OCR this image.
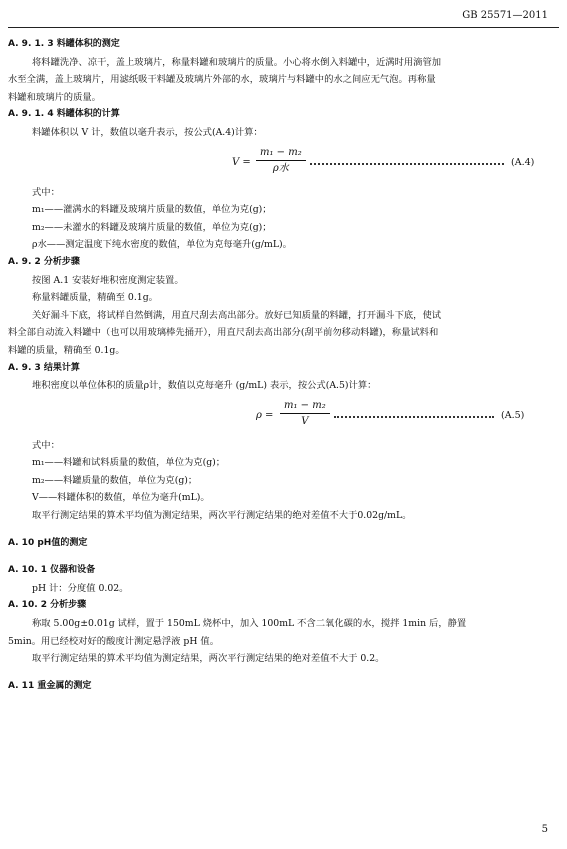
GB 25571—2011
A. 9. 1. 3 料罐体积的测定
将料罐洗净、凉干，盖上玻璃片，称量料罐和玻璃片的质量。小心将水倒入料罐中，近满时用滴管加
水至全满，盖上玻璃片，用滤纸吸干料罐及玻璃片外部的水，玻璃片与料罐中的水之间应无气泡。再称量
料罐和玻璃片的质量。
A. 9. 1. 4 料罐体积的计算
料罐体积以 V 计，数值以毫升表示，按公式(A.4)计算：
V =
m₁ − m₂
ρ水
(A.4)
式中：
m₁——灌满水的料罐及玻璃片质量的数值，单位为克(g)；
m₂——未灌水的料罐及玻璃片质量的数值，单位为克(g)；
ρ水——测定温度下纯水密度的数值，单位为克每毫升(g/mL)。
A. 9. 2 分析步骤
按图 A.1 安装好堆积密度测定装置。
称量料罐质量，精确至 0.1g。
关好漏斗下底，将试样自然倒满，用直尺刮去高出部分。放好已知质量的料罐，打开漏斗下底，使试
料全部自动流入料罐中（也可以用玻璃棒先捅开），用直尺刮去高出部分(刮平前勿移动料罐)，称量试料和
料罐的质量，精确至 0.1g。
A. 9. 3 结果计算
堆积密度以单位体积的质量ρ计，数值以克每毫升 (g/mL) 表示，按公式(A.5)计算：
$\rho = \frac{\text{m₁ − m₂}}{V}$	(A.5)
式中：
m₁——料罐和试料质量的数值，单位为克(g)；
m₂——料罐质量的数值，单位为克(g)；
V——料罐体积的数值，单位为毫升(mL)。
取平行测定结果的算术平均值为测定结果，两次平行测定结果的绝对差值不大于0.02g/mL。
A. 10 pH值的测定
A. 10. 1 仪器和设备
pH 计：分度值 0.02。
A. 10. 2 分析步骤
称取 5.00g±0.01g 试样，置于 150mL 烧杯中，加入 100mL 不含二氧化碳的水，搅拌 1min 后，静置
5min。用已经校对好的酸度计测定悬浮液 pH 值。
取平行测定结果的算术平均值为测定结果，两次平行测定结果的绝对差值不大于 0.2。
A. 11 重金属的测定
5
